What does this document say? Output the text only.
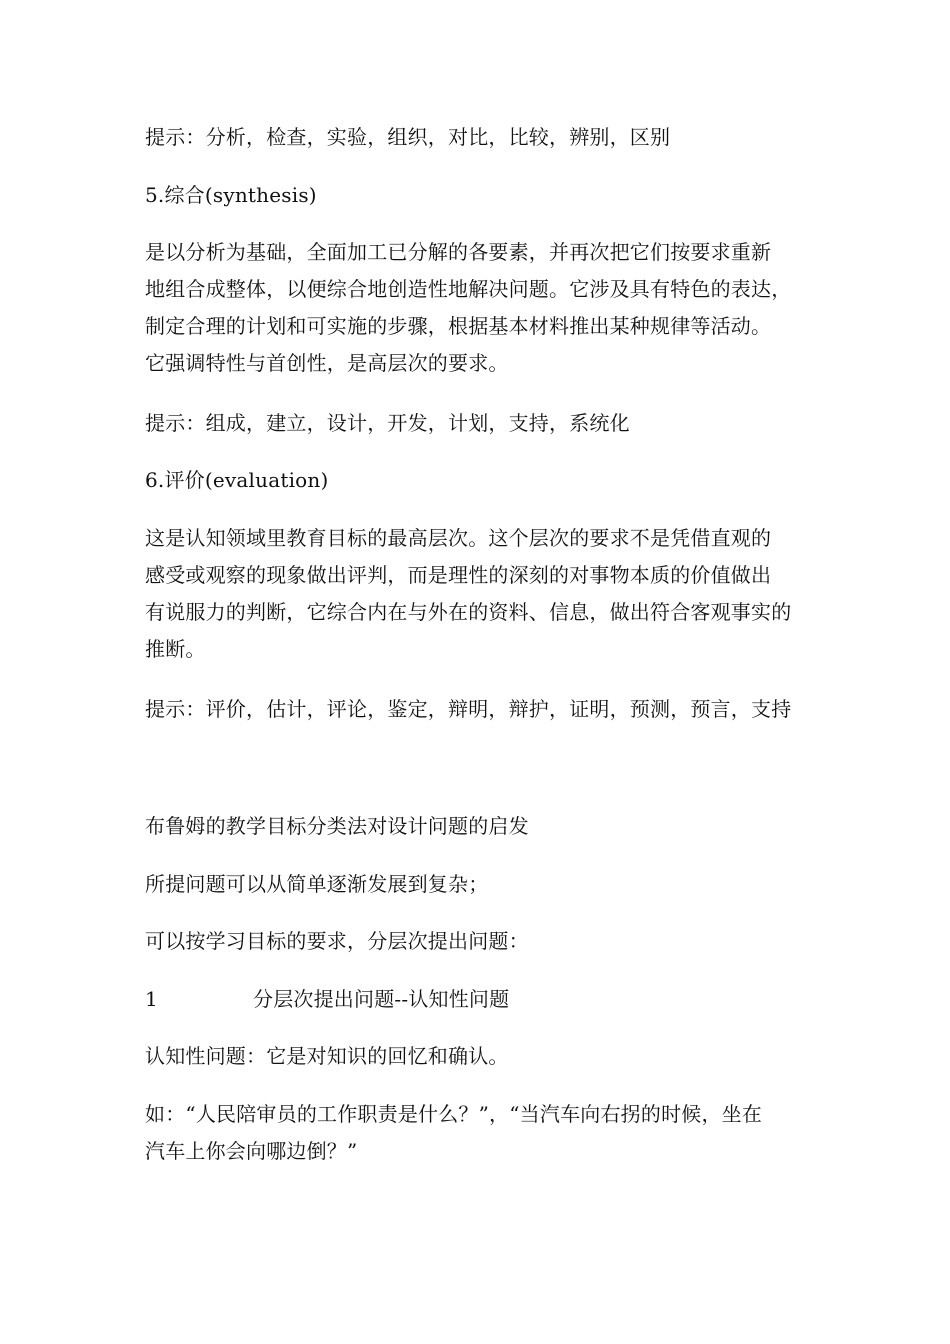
提示：分析，检查，实验，组织，对比，比较，辨别，区别
5.综合(synthesis)
是以分析为基础，全面加工已分解的各要素，并再次把它们按要求重新
地组合成整体，以便综合地创造性地解决问题。它涉及具有特色的表达，
制定合理的计划和可实施的步骤，根据基本材料推出某种规律等活动。
它强调特性与首创性，是高层次的要求。
提示：组成，建立，设计，开发，计划，支持，系统化
6.评价(evaluation)
这是认知领域里教育目标的最高层次。这个层次的要求不是凭借直观的
感受或观察的现象做出评判，而是理性的深刻的对事物本质的价值做出
有说服力的判断，它综合内在与外在的资料、信息，做出符合客观事实的
推断。
提示：评价，估计，评论，鉴定，辩明，辩护，证明，预测，预言，支持
布鲁姆的教学目标分类法对设计问题的启发
所提问题可以从简单逐渐发展到复杂；
可以按学习目标的要求，分层次提出问题：
1	分层次提出问题--认知性问题
认知性问题：它是对知识的回忆和确认。
如：“人民陪审员的工作职责是什么？”，“当汽车向右拐的时候，坐在
汽车上你会向哪边倒？”
